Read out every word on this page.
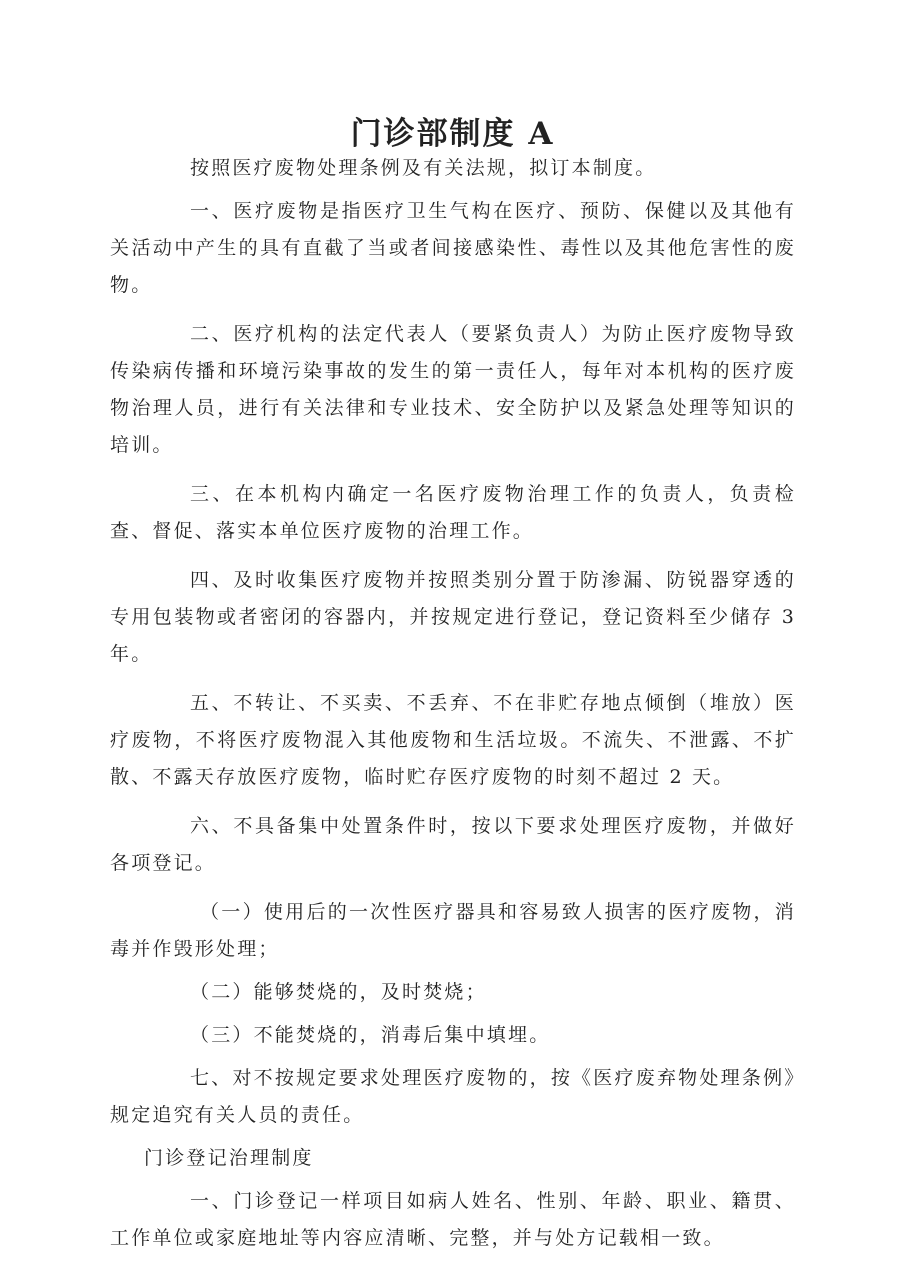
门诊部制度 A

按照医疗废物处理条例及有关法规，拟订本制度。

一、医疗废物是指医疗卫生气构在医疗、预防、保健以及其他有关活动中产生的具有直截了当或者间接感染性、毒性以及其他危害性的废物。

二、医疗机构的法定代表人（要紧负责人）为防止医疗废物导致传染病传播和环境污染事故的发生的第一责任人，每年对本机构的医疗废物治理人员，进行有关法律和专业技术、安全防护以及紧急处理等知识的培训。

三、在本机构内确定一名医疗废物治理工作的负责人，负责检查、督促、落实本单位医疗废物的治理工作。

四、及时收集医疗废物并按照类别分置于防渗漏、防锐器穿透的专用包装物或者密闭的容器内，并按规定进行登记，登记资料至少储存 3 年。

五、不转让、不买卖、不丢弃、不在非贮存地点倾倒（堆放）医疗废物，不将医疗废物混入其他废物和生活垃圾。不流失、不泄露、不扩散、不露天存放医疗废物，临时贮存医疗废物的时刻不超过 2 天。

六、不具备集中处置条件时，按以下要求处理医疗废物，并做好各项登记。

（一）使用后的一次性医疗器具和容易致人损害的医疗废物，消毒并作毁形处理；

（二）能够焚烧的，及时焚烧；

（三）不能焚烧的，消毒后集中填埋。

七、对不按规定要求处理医疗废物的，按《医疗废弃物处理条例》规定追究有关人员的责任。

门诊登记治理制度

一、门诊登记一样项目如病人姓名、性别、年龄、职业、籍贯、工作单位或家庭地址等内容应清晰、完整，并与处方记载相一致。
